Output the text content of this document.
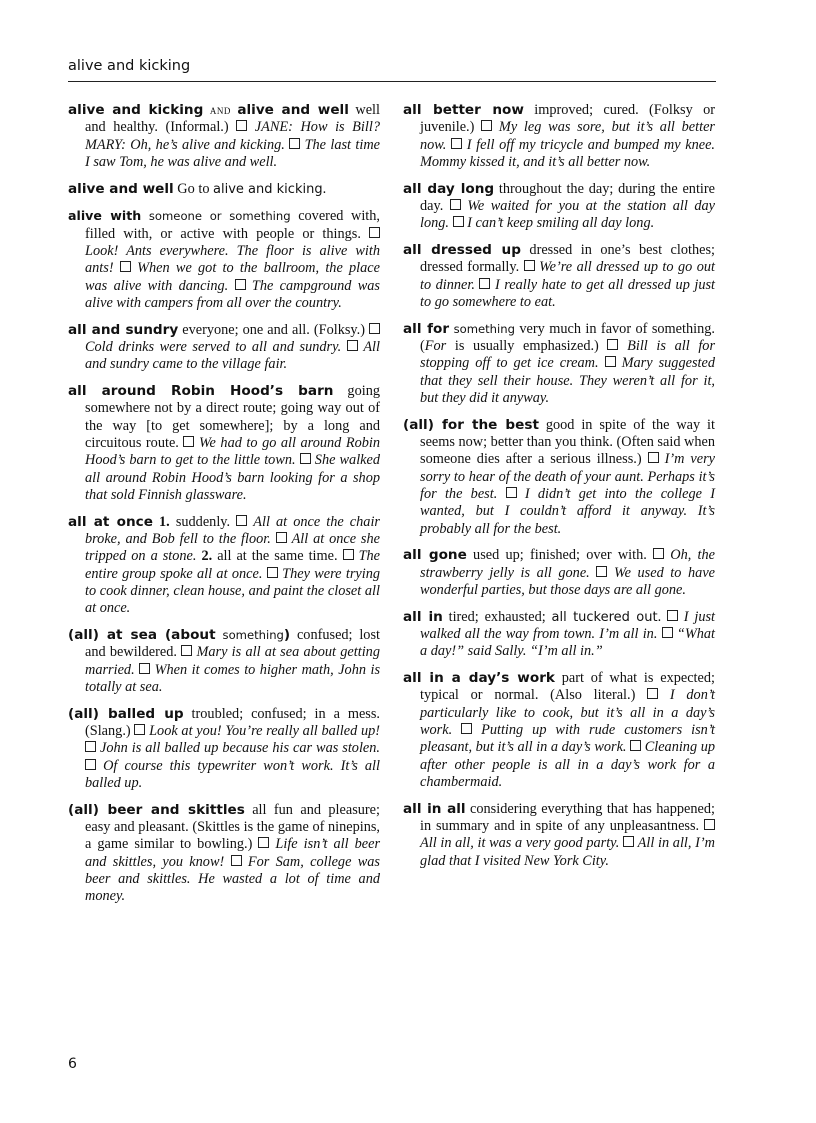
alive and kicking

alive and kicking and alive and well well and healthy. (Informal.)  JANE: How is Bill? MARY: Oh, he’s alive and kicking. The last time I saw Tom, he was alive and well.

alive and well Go to alive and kicking.

alive with someone or something covered with, filled with, or active with people or things.  Look! Ants everywhere. The floor is alive with ants! When we got to the ballroom, the place was alive with dancing. The campground was alive with campers from all over the country.

all and sundry everyone; one and all. (Folksy.)  Cold drinks were served to all and sundry. All and sundry came to the village fair.

all around Robin Hood’s barn going somewhere not by a direct route; going way out of the way [to get somewhere]; by a long and circuitous route.  We had to go all around Robin Hood’s barn to get to the little town. She walked all around Robin Hood’s barn looking for a shop that sold Finnish glassware.

all at once 1. suddenly.  All at once the chair broke, and Bob fell to the floor. All at once she tripped on a stone. 2. all at the same time.  The entire group spoke all at once. They were trying to cook dinner, clean house, and paint the closet all at once.

(all) at sea (about something) confused; lost and bewildered.  Mary is all at sea about getting married. When it comes to higher math, John is totally at sea.

(all) balled up troubled; confused; in a mess. (Slang.)  Look at you! You’re really all balled up!  John is all balled up because his car was stolen.  Of course this typewriter won’t work. It’s all balled up.

(all) beer and skittles all fun and pleasure; easy and pleasant. (Skittles is the game of ninepins, a game similar to bowling.)  Life isn’t all beer and skittles, you know! For Sam, college was beer and skittles. He wasted a lot of time and money.

all better now improved; cured. (Folksy or juvenile.)  My leg was sore, but it’s all better now. I fell off my tricycle and bumped my knee. Mommy kissed it, and it’s all better now.

all day long throughout the day; during the entire day.  We waited for you at the station all day long. I can’t keep smiling all day long.

all dressed up dressed in one’s best clothes; dressed formally.  We’re all dressed up to go out to dinner. I really hate to get all dressed up just to go somewhere to eat.

all for something very much in favor of something. (For is usually emphasized.)  Bill is all for stopping off to get ice cream. Mary suggested that they sell their house. They weren’t all for it, but they did it anyway.

(all) for the best good in spite of the way it seems now; better than you think. (Often said when someone dies after a serious illness.)  I’m very sorry to hear of the death of your aunt. Perhaps it’s for the best. I didn’t get into the college I wanted, but I couldn’t afford it anyway. It’s probably all for the best.

all gone used up; finished; over with.  Oh, the strawberry jelly is all gone. We used to have wonderful parties, but those days are all gone.

all in tired; exhausted; all tuckered out.  I just walked all the way from town. I’m all in. “What a day!” said Sally. “I’m all in.”

all in a day’s work part of what is expected; typical or normal. (Also literal.)  I don’t particularly like to cook, but it’s all in a day’s work. Putting up with rude customers isn’t pleasant, but it’s all in a day’s work. Cleaning up after other people is all in a day’s work for a chambermaid.

all in all considering everything that has happened; in summary and in spite of any unpleasantness.  All in all, it was a very good party. All in all, I’m glad that I visited New York City.

6
